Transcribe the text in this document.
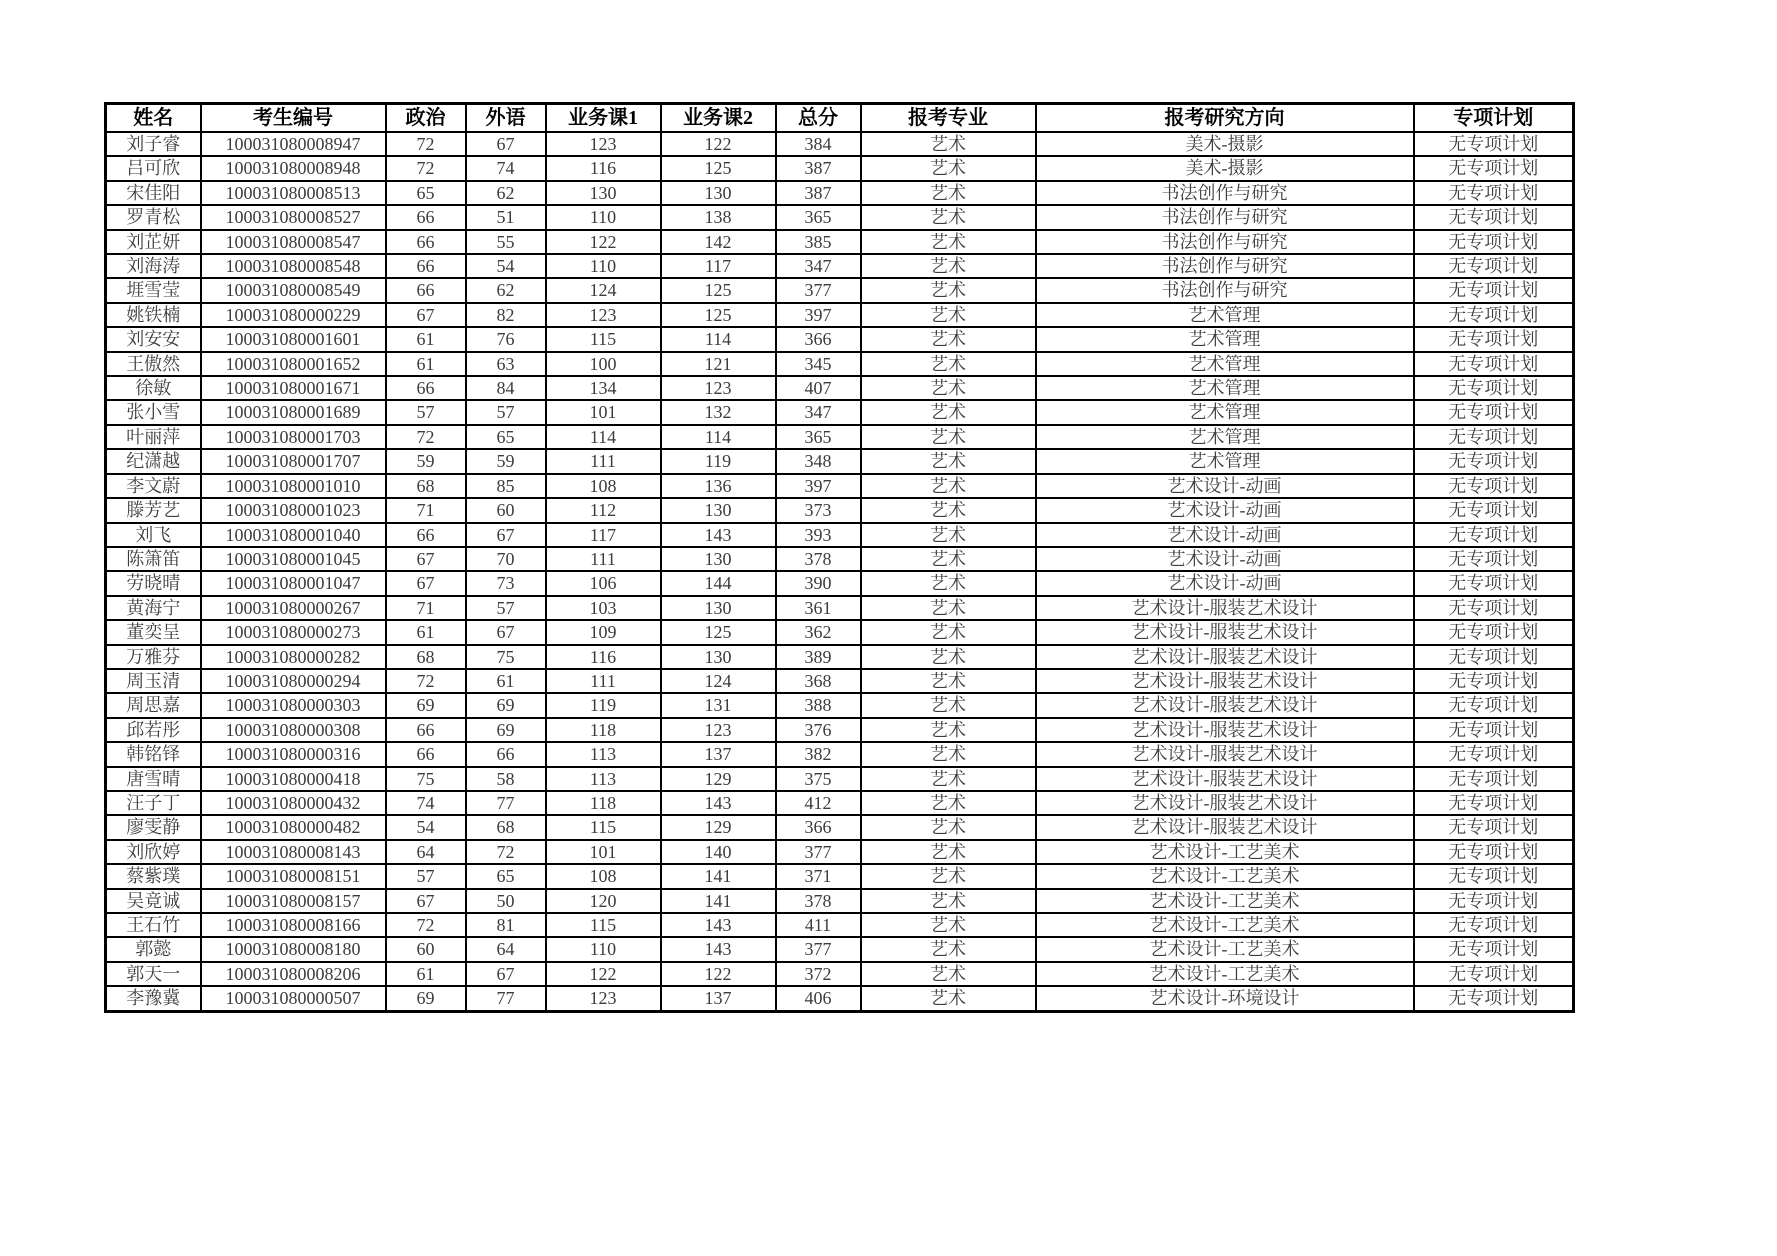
姓名	考生编号	政治	外语	业务课1	业务课2	总分	报考专业	报考研究方向	专项计划
刘子睿	100031080008947	72	67	123	122	384	艺术	美术-摄影	无专项计划
吕可欣	100031080008948	72	74	116	125	387	艺术	美术-摄影	无专项计划
宋佳阳	100031080008513	65	62	130	130	387	艺术	书法创作与研究	无专项计划
罗青松	100031080008527	66	51	110	138	365	艺术	书法创作与研究	无专项计划
刘芷妍	100031080008547	66	55	122	142	385	艺术	书法创作与研究	无专项计划
刘海涛	100031080008548	66	54	110	117	347	艺术	书法创作与研究	无专项计划
堐雪莹	100031080008549	66	62	124	125	377	艺术	书法创作与研究	无专项计划
姚铁楠	100031080000229	67	82	123	125	397	艺术	艺术管理	无专项计划
刘安安	100031080001601	61	76	115	114	366	艺术	艺术管理	无专项计划
王傲然	100031080001652	61	63	100	121	345	艺术	艺术管理	无专项计划
徐敏	100031080001671	66	84	134	123	407	艺术	艺术管理	无专项计划
张小雪	100031080001689	57	57	101	132	347	艺术	艺术管理	无专项计划
叶丽萍	100031080001703	72	65	114	114	365	艺术	艺术管理	无专项计划
纪潇越	100031080001707	59	59	111	119	348	艺术	艺术管理	无专项计划
李文蔚	100031080001010	68	85	108	136	397	艺术	艺术设计-动画	无专项计划
滕芳艺	100031080001023	71	60	112	130	373	艺术	艺术设计-动画	无专项计划
刘飞	100031080001040	66	67	117	143	393	艺术	艺术设计-动画	无专项计划
陈箫笛	100031080001045	67	70	111	130	378	艺术	艺术设计-动画	无专项计划
劳晓晴	100031080001047	67	73	106	144	390	艺术	艺术设计-动画	无专项计划
黄海宁	100031080000267	71	57	103	130	361	艺术	艺术设计-服装艺术设计	无专项计划
董奕呈	100031080000273	61	67	109	125	362	艺术	艺术设计-服装艺术设计	无专项计划
万雅芬	100031080000282	68	75	116	130	389	艺术	艺术设计-服装艺术设计	无专项计划
周玉清	100031080000294	72	61	111	124	368	艺术	艺术设计-服装艺术设计	无专项计划
周思嘉	100031080000303	69	69	119	131	388	艺术	艺术设计-服装艺术设计	无专项计划
邱若彤	100031080000308	66	69	118	123	376	艺术	艺术设计-服装艺术设计	无专项计划
韩铭铎	100031080000316	66	66	113	137	382	艺术	艺术设计-服装艺术设计	无专项计划
唐雪晴	100031080000418	75	58	113	129	375	艺术	艺术设计-服装艺术设计	无专项计划
汪子丁	100031080000432	74	77	118	143	412	艺术	艺术设计-服装艺术设计	无专项计划
廖雯静	100031080000482	54	68	115	129	366	艺术	艺术设计-服装艺术设计	无专项计划
刘欣婷	100031080008143	64	72	101	140	377	艺术	艺术设计-工艺美术	无专项计划
蔡紫璞	100031080008151	57	65	108	141	371	艺术	艺术设计-工艺美术	无专项计划
吴竟诚	100031080008157	67	50	120	141	378	艺术	艺术设计-工艺美术	无专项计划
王石竹	100031080008166	72	81	115	143	411	艺术	艺术设计-工艺美术	无专项计划
郭懿	100031080008180	60	64	110	143	377	艺术	艺术设计-工艺美术	无专项计划
郭天一	100031080008206	61	67	122	122	372	艺术	艺术设计-工艺美术	无专项计划
李豫冀	100031080000507	69	77	123	137	406	艺术	艺术设计-环境设计	无专项计划
